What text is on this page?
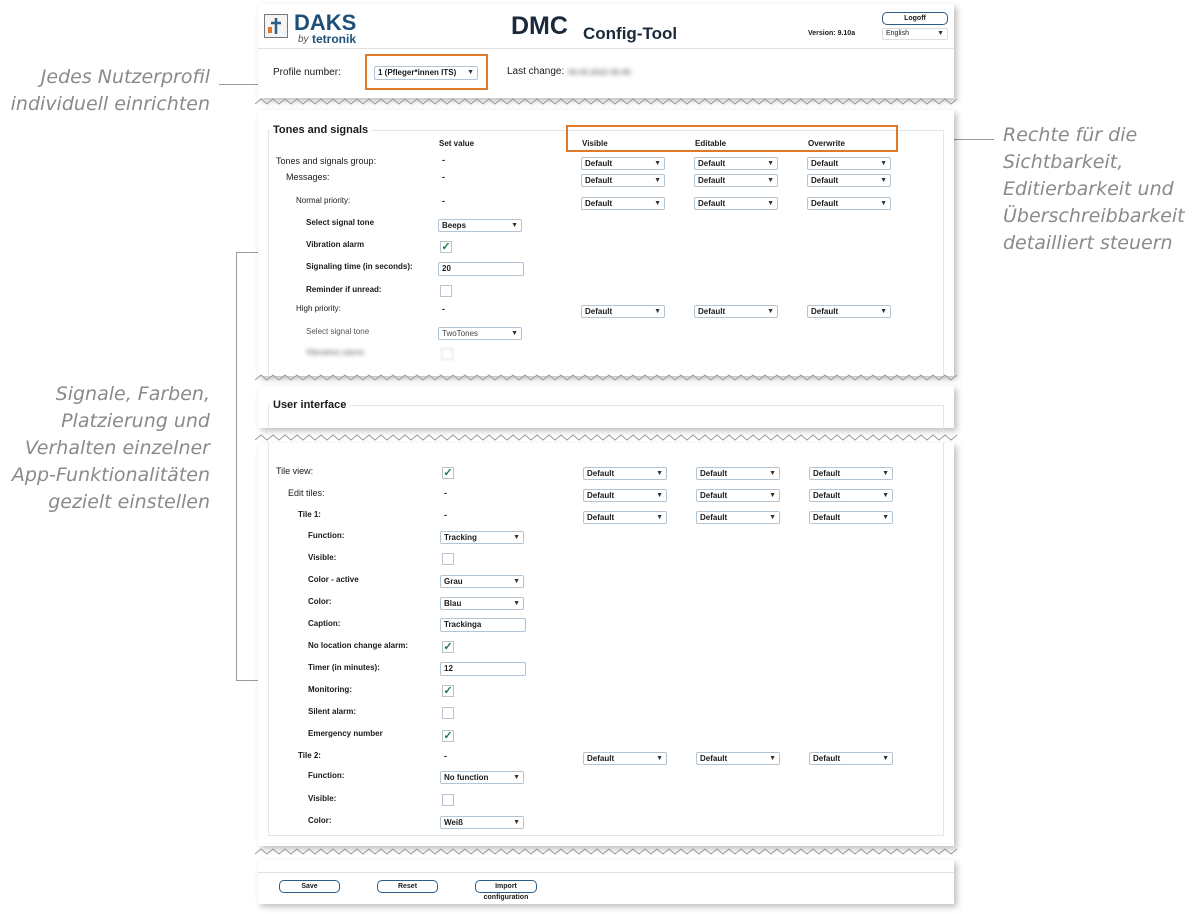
Jedes Nutzerprofil
individuell einrichten
Rechte für die
Sichtbarkeit,
Editierbarkeit und
Überschreibbarkeit
detailliert steuern
Signale, Farben,
Platzierung und
Verhalten einzelner
App-Funktionalitäten
gezielt einstellen
DAKS
by tetronik	DMC Config-Tool	Version: 9.10a
Logoff
English	▼
Profile number:	1 (Pfleger*innen ITS) ▼	Last change: 00.00.2022 00:00
Tones and signals
Set value	Visible	Editable	Overwrite
Tones and signals group:	-	Default	▼	Default	▼	Default	▼
Messages:	-	Default	▼	Default	▼	Default	▼
Normal priority:	-	Default	▼	Default	▼	Default	▼
Select signal tone	Beeps	▼
Vibration alarm	✓
Signaling time (in seconds):	20
Reminder if unread:
High priority:	-	Default	▼	Default	▼	Default	▼
Select signal tone	TwoTones	▼
Vibration alarm
User interface
Tile view:	✓	Default	▼	Default	▼	Default	▼
Edit tiles:	-	Default	▼	Default	▼	Default	▼
Tile 1:	-	Default	▼	Default	▼	Default	▼
Function:	Tracking	▼
Visible:
Color - active	Grau	▼
Color:	Blau	▼
Caption:	Trackinga
No location change alarm:	✓
Timer (in minutes):	12
Monitoring:	✓
Silent alarm:
Emergency number	✓
Tile 2:	-	Default	▼	Default	▼	Default	▼
Function:	No function	▼
Visible:
Color:	Weiß	▼
Save	Reset	Import configuration
